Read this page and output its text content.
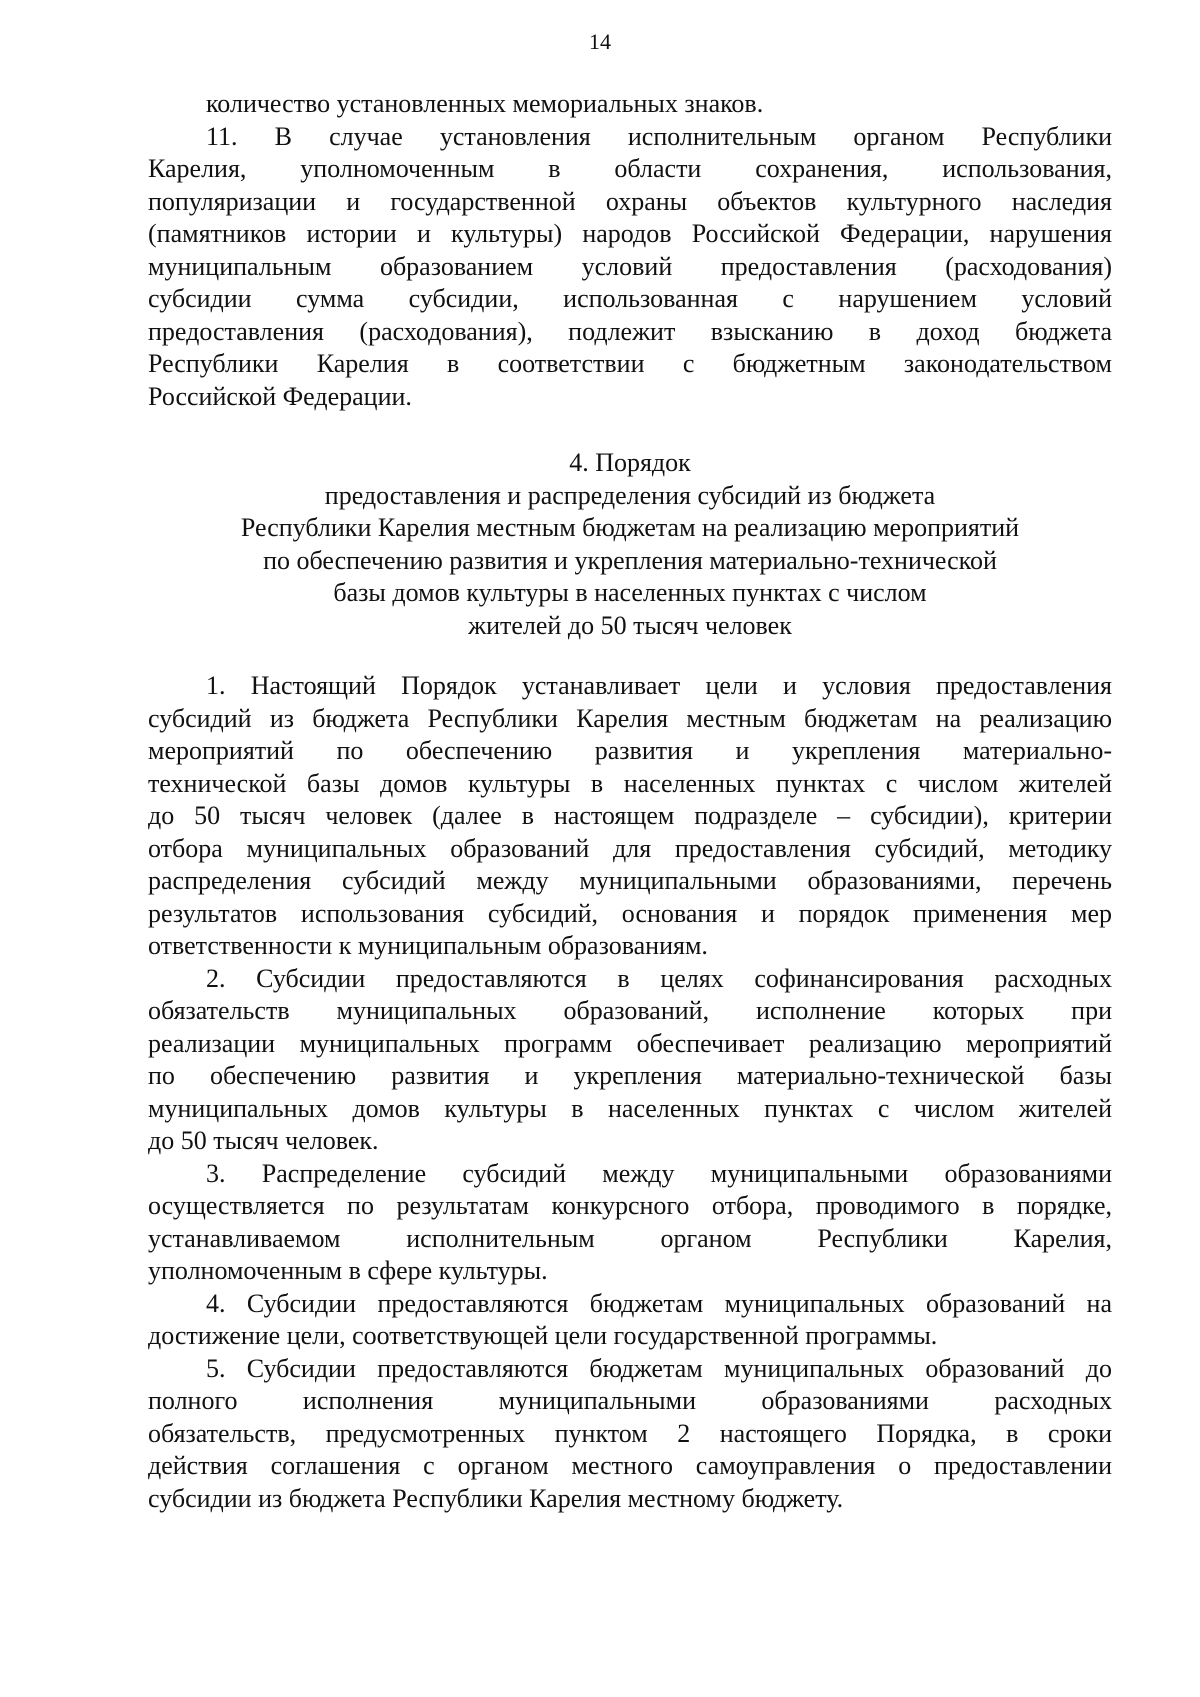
14
количество установленных мемориальных знаков.
11. В случае установления исполнительным органом Республики
Карелия, уполномоченным в области сохранения, использования,
популяризации и государственной охраны объектов культурного наследия
(памятников истории и культуры) народов Российской Федерации, нарушения
муниципальным образованием условий предоставления (расходования)
субсидии сумма субсидии, использованная с нарушением условий
предоставления (расходования), подлежит взысканию в доход бюджета
Республики Карелия в соответствии с бюджетным законодательством
Российской Федерации.
4. Порядок
предоставления и распределения субсидий из бюджета
Республики Карелия местным бюджетам на реализацию мероприятий
по обеспечению развития и укрепления материально-технической
базы домов культуры в населенных пунктах с числом
жителей до 50 тысяч человек
1. Настоящий Порядок устанавливает цели и условия предоставления
субсидий из бюджета Республики Карелия местным бюджетам на реализацию
мероприятий по обеспечению развития и укрепления материально-
технической базы домов культуры в населенных пунктах с числом жителей
до 50 тысяч человек (далее в настоящем подразделе – субсидии), критерии
отбора муниципальных образований для предоставления субсидий, методику
распределения субсидий между муниципальными образованиями, перечень
результатов использования субсидий, основания и порядок применения мер
ответственности к муниципальным образованиям.
2. Субсидии предоставляются в целях софинансирования расходных
обязательств муниципальных образований, исполнение которых при
реализации муниципальных программ обеспечивает реализацию мероприятий
по обеспечению развития и укрепления материально-технической базы
муниципальных домов культуры в населенных пунктах с числом жителей
до 50 тысяч человек.
3. Распределение субсидий между муниципальными образованиями
осуществляется по результатам конкурсного отбора, проводимого в порядке,
устанавливаемом исполнительным органом Республики Карелия,
уполномоченным в сфере культуры.
4. Субсидии предоставляются бюджетам муниципальных образований на
достижение цели, соответствующей цели государственной программы.
5. Субсидии предоставляются бюджетам муниципальных образований до
полного исполнения муниципальными образованиями расходных
обязательств, предусмотренных пунктом 2 настоящего Порядка, в сроки
действия соглашения с органом местного самоуправления о предоставлении
субсидии из бюджета Республики Карелия местному бюджету.
